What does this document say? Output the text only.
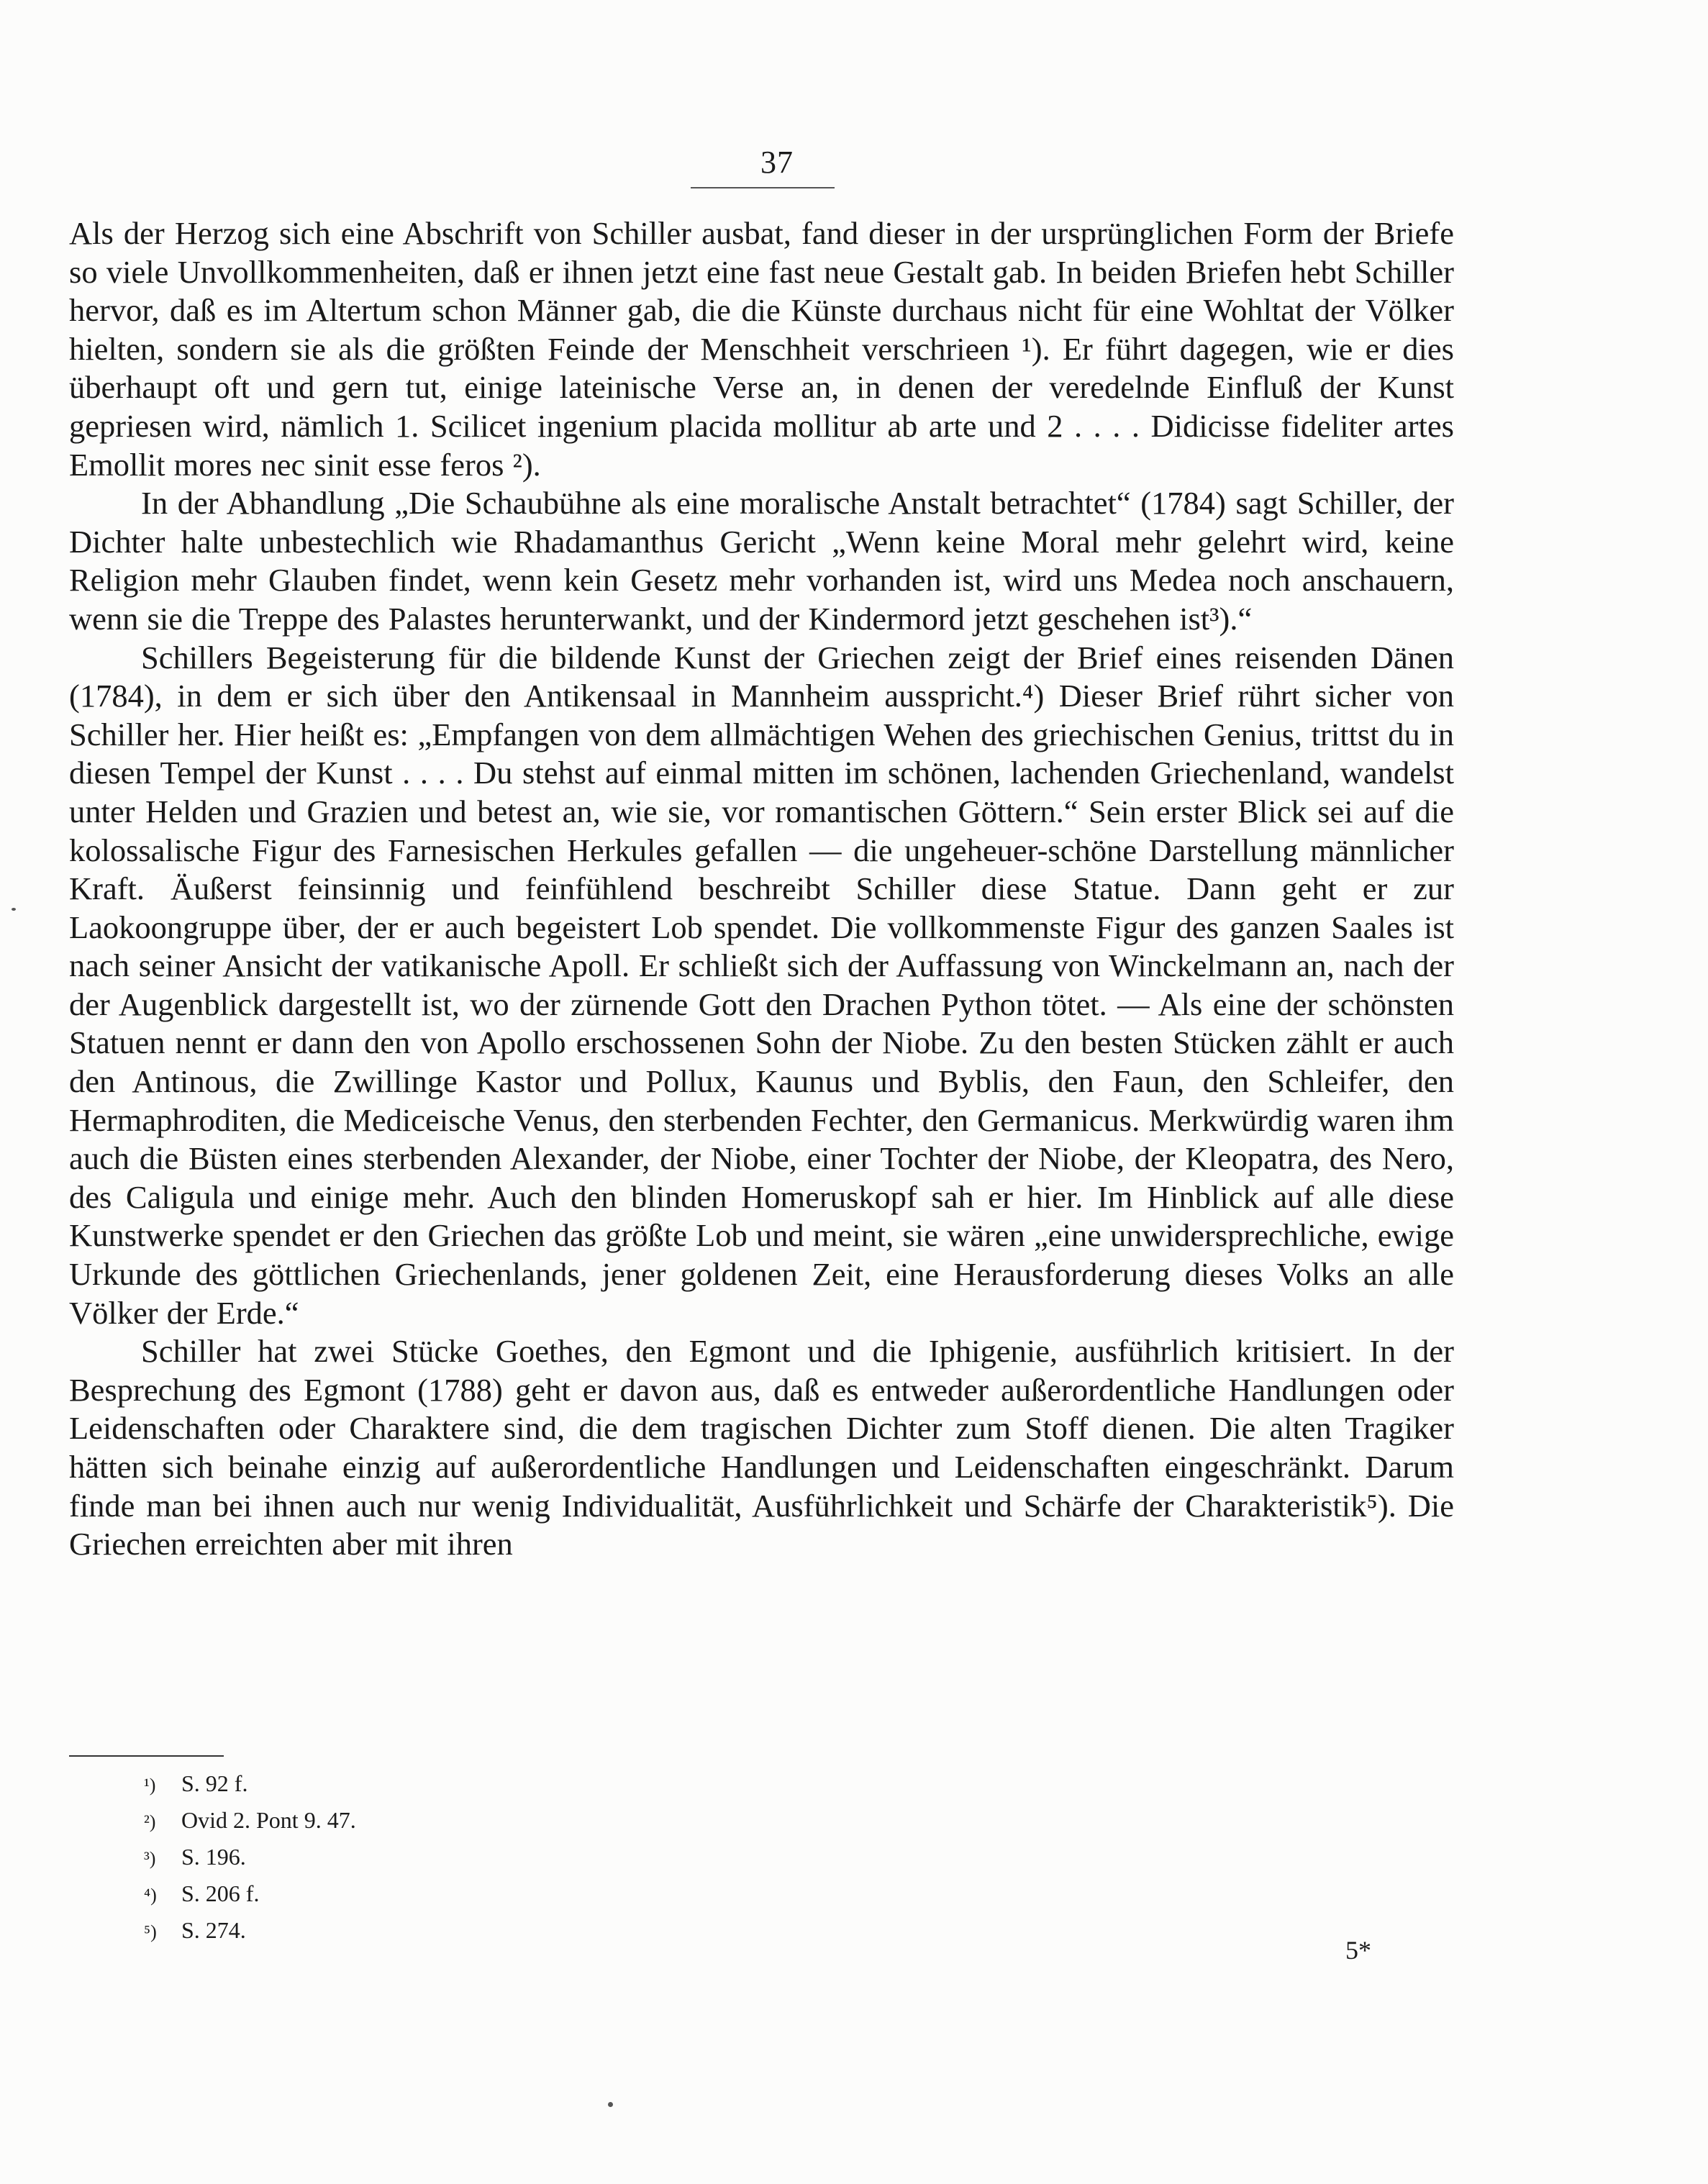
37

Als der Herzog sich eine Abschrift von Schiller ausbat, fand dieser in der ursprünglichen Form der Briefe so viele Unvollkommenheiten, daß er ihnen jetzt eine fast neue Gestalt gab. In beiden Briefen hebt Schiller hervor, daß es im Altertum schon Männer gab, die die Künste durchaus nicht für eine Wohltat der Völker hielten, sondern sie als die größten Feinde der Menschheit verschrieen ¹). Er führt dagegen, wie er dies überhaupt oft und gern tut, einige lateinische Verse an, in denen der veredelnde Einfluß der Kunst gepriesen wird, nämlich 1. Scilicet ingenium placida mollitur ab arte und 2 . . . . Didicisse fideliter artes Emollit mores nec sinit esse feros ²).

In der Abhandlung „Die Schaubühne als eine moralische Anstalt betrachtet“ (1784) sagt Schiller, der Dichter halte unbestechlich wie Rhadamanthus Gericht „Wenn keine Moral mehr gelehrt wird, keine Religion mehr Glauben findet, wenn kein Gesetz mehr vorhanden ist, wird uns Medea noch anschauern, wenn sie die Treppe des Palastes herunterwankt, und der Kindermord jetzt geschehen ist³).“

Schillers Begeisterung für die bildende Kunst der Griechen zeigt der Brief eines reisenden Dänen (1784), in dem er sich über den Antikensaal in Mannheim ausspricht.⁴) Dieser Brief rührt sicher von Schiller her. Hier heißt es: „Empfangen von dem allmächtigen Wehen des griechischen Genius, trittst du in diesen Tempel der Kunst . . . . Du stehst auf einmal mitten im schönen, lachenden Griechenland, wandelst unter Helden und Grazien und betest an, wie sie, vor romantischen Göttern.“ Sein erster Blick sei auf die kolossalische Figur des Farnesischen Herkules gefallen — die ungeheuer-schöne Darstellung männlicher Kraft. Äußerst feinsinnig und feinfühlend beschreibt Schiller diese Statue. Dann geht er zur Laokoongruppe über, der er auch begeistert Lob spendet. Die vollkommenste Figur des ganzen Saales ist nach seiner Ansicht der vatikanische Apoll. Er schließt sich der Auffassung von Winckelmann an, nach der der Augenblick dargestellt ist, wo der zürnende Gott den Drachen Python tötet. — Als eine der schönsten Statuen nennt er dann den von Apollo erschossenen Sohn der Niobe. Zu den besten Stücken zählt er auch den Antinous, die Zwillinge Kastor und Pollux, Kaunus und Byblis, den Faun, den Schleifer, den Hermaphroditen, die Mediceische Venus, den sterbenden Fechter, den Germanicus. Merkwürdig waren ihm auch die Büsten eines sterbenden Alexander, der Niobe, einer Tochter der Niobe, der Kleopatra, des Nero, des Caligula und einige mehr. Auch den blinden Homeruskopf sah er hier. Im Hinblick auf alle diese Kunstwerke spendet er den Griechen das größte Lob und meint, sie wären „eine unwidersprechliche, ewige Urkunde des göttlichen Griechenlands, jener goldenen Zeit, eine Herausforderung dieses Volks an alle Völker der Erde.“

Schiller hat zwei Stücke Goethes, den Egmont und die Iphigenie, ausführlich kritisiert. In der Besprechung des Egmont (1788) geht er davon aus, daß es entweder außerordentliche Handlungen oder Leidenschaften oder Charaktere sind, die dem tragischen Dichter zum Stoff dienen. Die alten Tragiker hätten sich beinahe einzig auf außerordentliche Handlungen und Leidenschaften eingeschränkt. Darum finde man bei ihnen auch nur wenig Individualität, Ausführlichkeit und Schärfe der Charakteristik⁵). Die Griechen erreichten aber mit ihren

¹) S. 92 f.
²) Ovid 2. Pont 9. 47.
³) S. 196.
⁴) S. 206 f.
⁵) S. 274.
5*
